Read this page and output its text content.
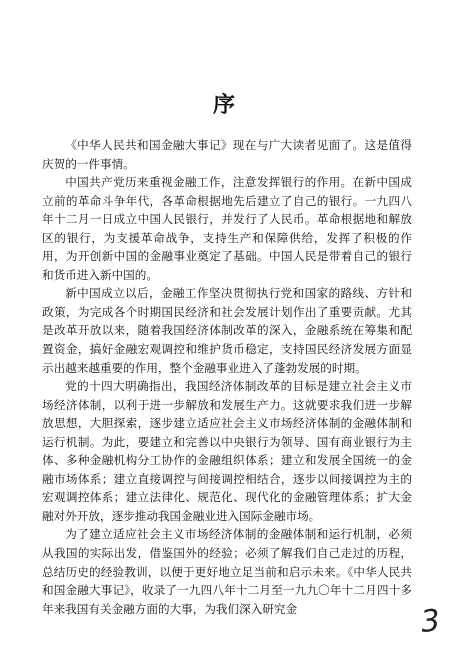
序

《中华人民共和国金融大事记》现在与广大读者见面了。这是值得庆贺的一件事情。

中国共产党历来重视金融工作，注意发挥银行的作用。在新中国成立前的革命斗争年代，各革命根据地先后建立了自己的银行。一九四八年十二月一日成立中国人民银行，并发行了人民币。革命根据地和解放区的银行，为支援革命战争，支持生产和保障供给，发挥了积极的作用，为开创新中国的金融事业奠定了基础。中国人民是带着自己的银行和货币进入新中国的。

新中国成立以后，金融工作坚决贯彻执行党和国家的路线、方针和政策，为完成各个时期国民经济和社会发展计划作出了重要贡献。尤其是改革开放以来，随着我国经济体制改革的深入，金融系统在筹集和配置资金，搞好金融宏观调控和维护货币稳定，支持国民经济发展方面显示出越来越重要的作用，整个金融事业进入了蓬勃发展的时期。

党的十四大明确指出，我国经济体制改革的目标是建立社会主义市场经济体制，以利于进一步解放和发展生产力。这就要求我们进一步解放思想，大胆探索，逐步建立适应社会主义市场经济体制的金融体制和运行机制。为此，要建立和完善以中央银行为领导、国有商业银行为主体、多种金融机构分工协作的金融组织体系；建立和发展全国统一的金融市场体系；建立直接调控与间接调控相结合，逐步以间接调控为主的宏观调控体系；建立法律化、规范化、现代化的金融管理体系；扩大金融对外开放，逐步推动我国金融业进入国际金融市场。

为了建立适应社会主义市场经济体制的金融体制和运行机制，必须从我国的实际出发，借鉴国外的经验；必须了解我们自己走过的历程，总结历史的经验教训，以便于更好地立足当前和启示未来。《中华人民共和国金融大事记》，收录了一九四八年十二月至一九九〇年十二月四十多年来我国有关金融方面的大事，为我们深入研究金	3
